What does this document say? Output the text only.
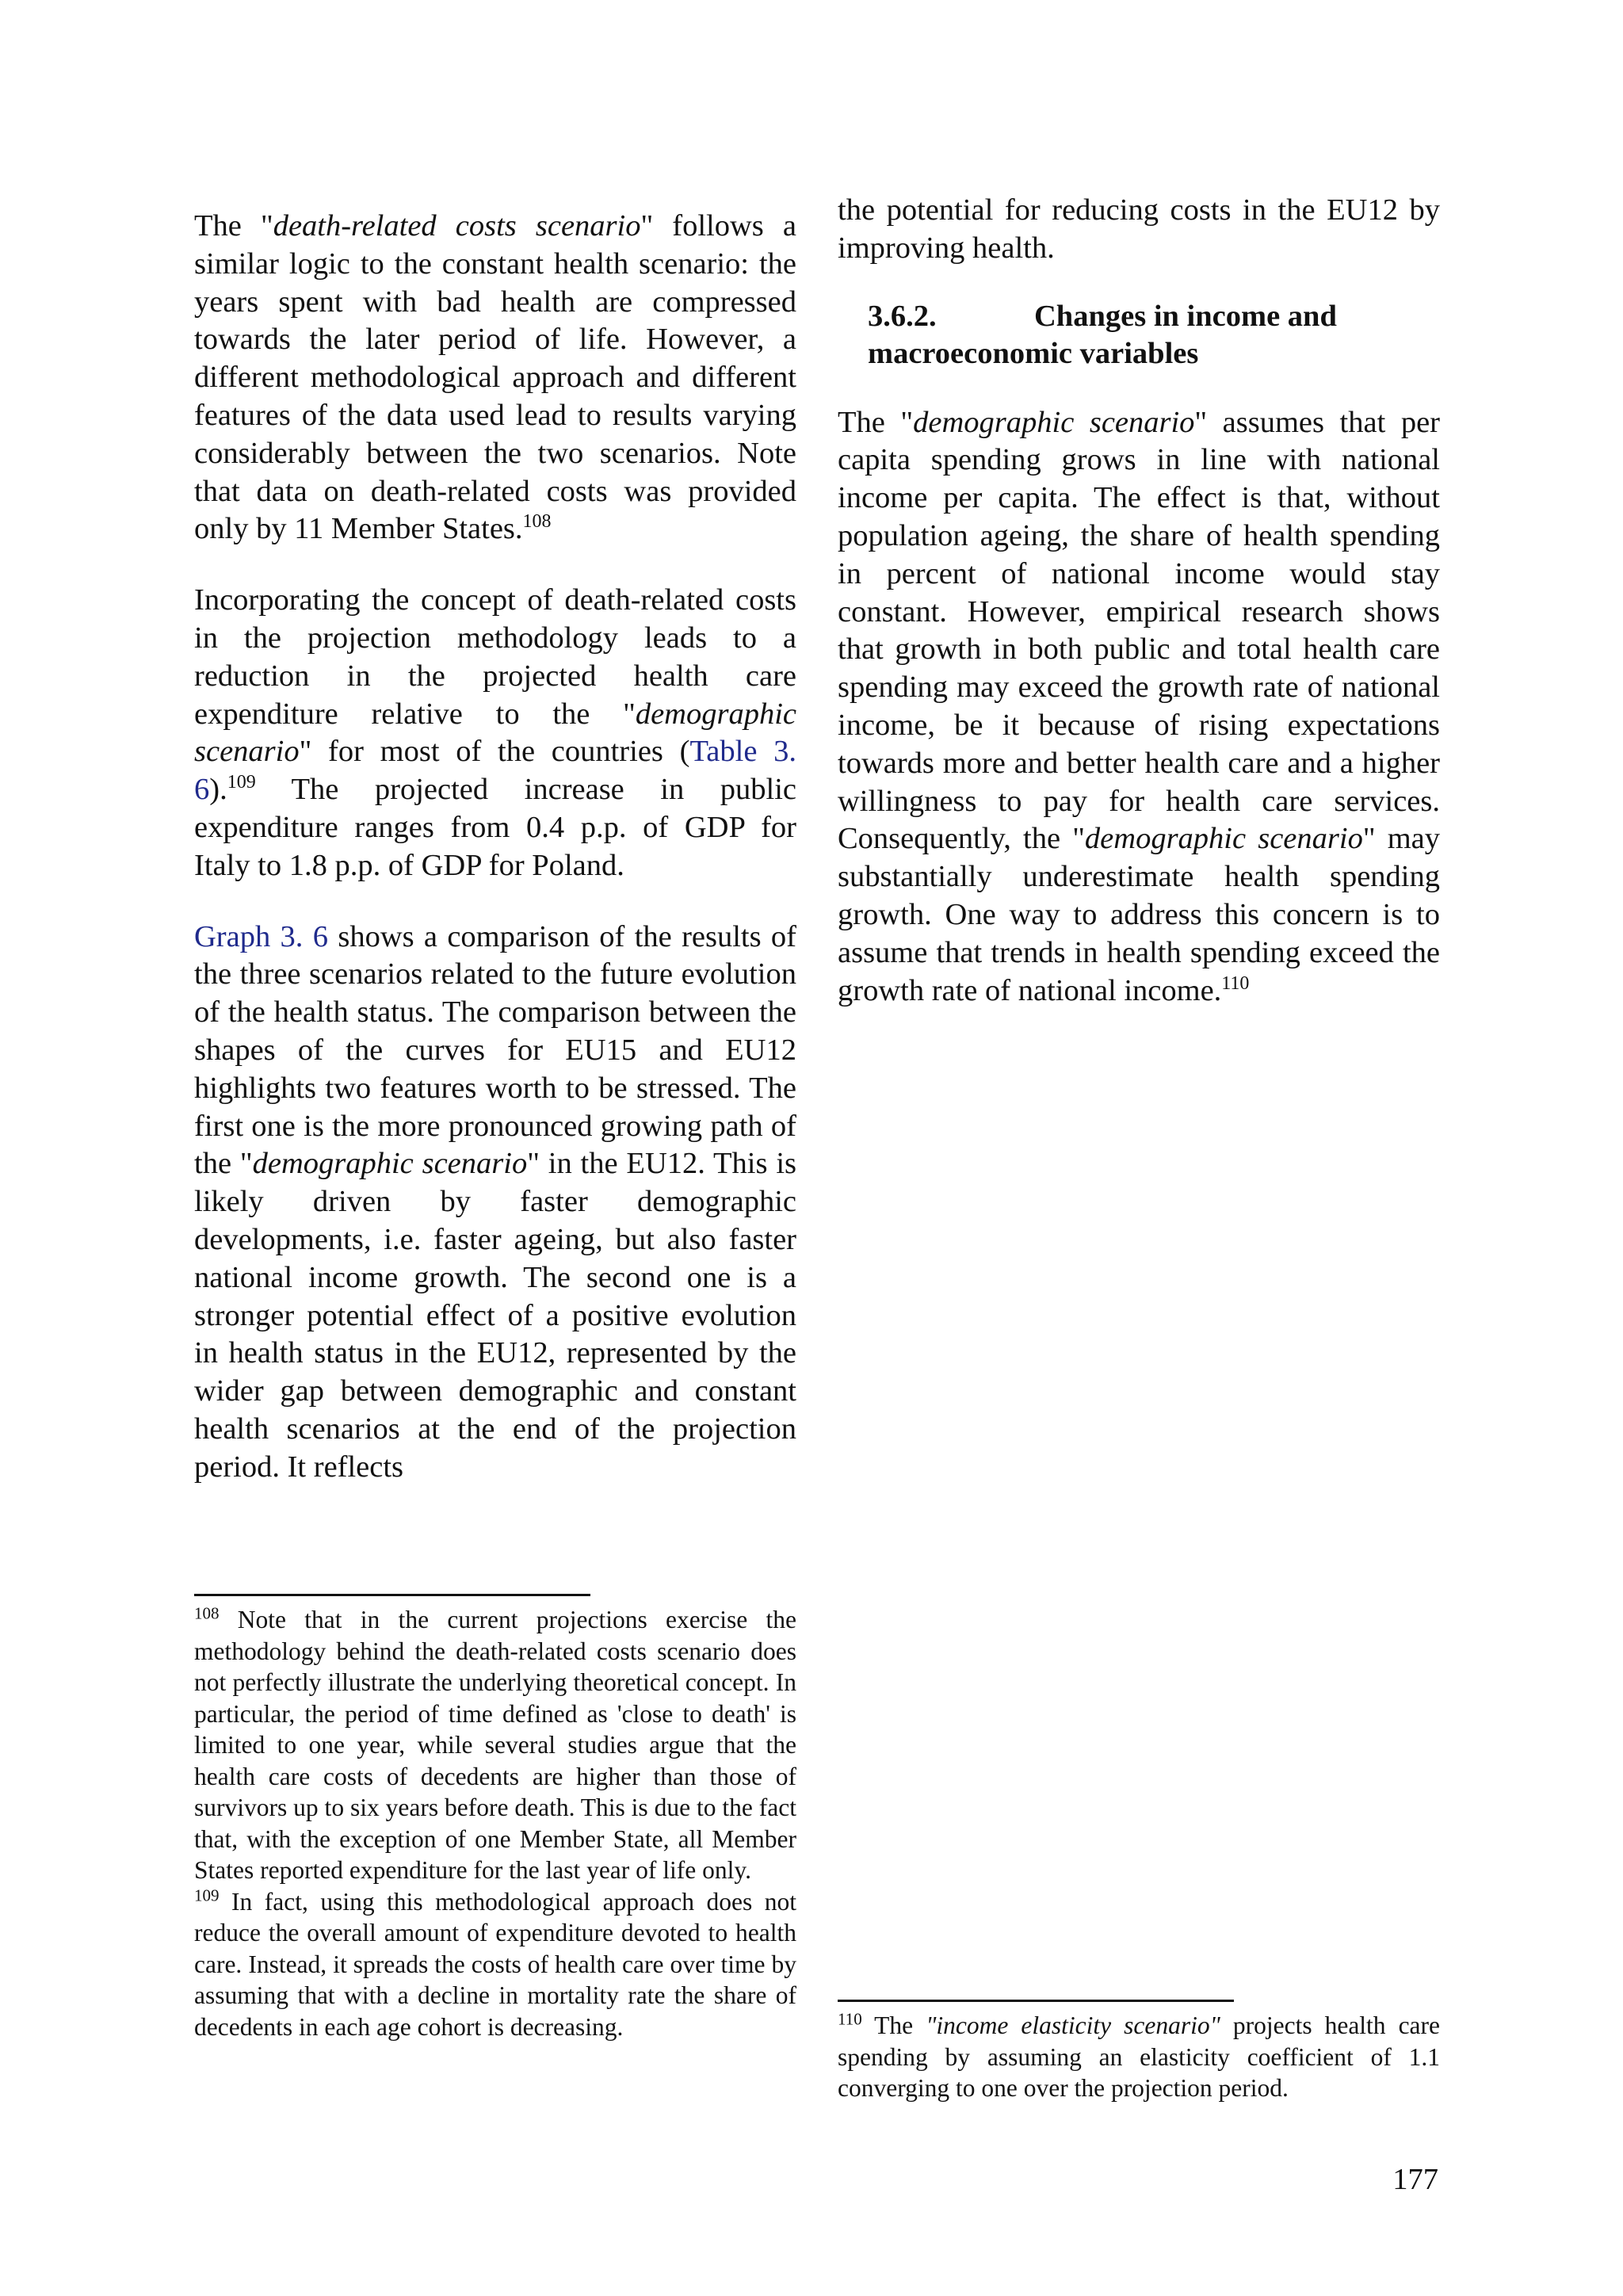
The "death-related costs scenario" follows a similar logic to the constant health scenario: the years spent with bad health are compressed towards the later period of life. However, a different methodological approach and different features of the data used lead to results varying considerably between the two scenarios. Note that data on death-related costs was provided only by 11 Member States.$^{108}$

Incorporating the concept of death-related costs in the projection methodology leads to a reduction in the projected health care expenditure relative to the "demographic scenario" for most of the countries (Table 3. 6).$^{109}$ The projected increase in public expenditure ranges from 0.4 p.p. of GDP for Italy to 1.8 p.p. of GDP for Poland.

Graph 3. 6 shows a comparison of the results of the three scenarios related to the future evolution of the health status. The comparison between the shapes of the curves for EU15 and EU12 highlights two features worth to be stressed. The first one is the more pronounced growing path of the "demographic scenario" in the EU12. This is likely driven by faster demographic developments, i.e. faster ageing, but also faster national income growth. The second one is a stronger potential effect of a positive evolution in health status in the EU12, represented by the wider gap between demographic and constant health scenarios at the end of the projection period. It reflects

the potential for reducing costs in the EU12 by improving health.

3.6.2.	Changes in income and
macroeconomic variables

The "demographic scenario" assumes that per capita spending grows in line with national income per capita. The effect is that, without population ageing, the share of health spending in percent of national income would stay constant. However, empirical research shows that growth in both public and total health care spending may exceed the growth rate of national income, be it because of rising expectations towards more and better health care and a higher willingness to pay for health care services. Consequently, the "demographic scenario" may substantially underestimate health spending growth. One way to address this concern is to assume that trends in health spending exceed the growth rate of national income.$^{110}$

$^{108}$ Note that in the current projections exercise the methodology behind the death-related costs scenario does not perfectly illustrate the underlying theoretical concept. In particular, the period of time defined as 'close to death' is limited to one year, while several studies argue that the health care costs of decedents are higher than those of survivors up to six years before death. This is due to the fact that, with the exception of one Member State, all Member States reported expenditure for the last year of life only.

$^{109}$ In fact, using this methodological approach does not reduce the overall amount of expenditure devoted to health care. Instead, it spreads the costs of health care over time by assuming that with a decline in mortality rate the share of decedents in each age cohort is decreasing.	$^{110}$ The "income elasticity scenario" projects health care spending by assuming an elasticity coefficient of 1.1 converging to one over the projection period.

177
